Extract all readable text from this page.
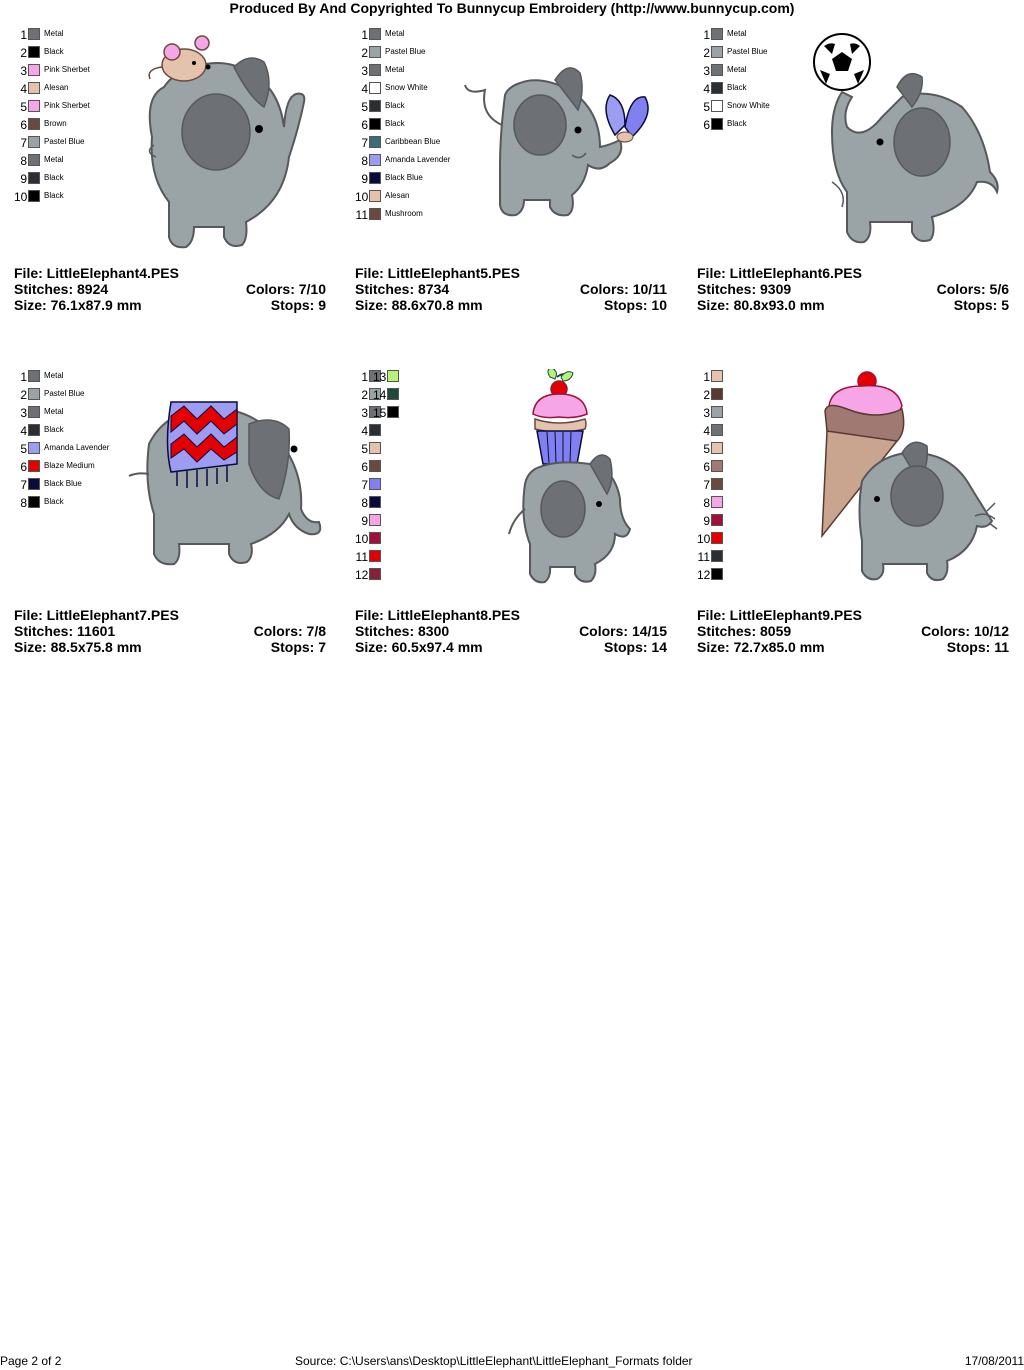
Produced By And Copyrighted To Bunnycup Embroidery (http://www.bunnycup.com)
1 Metal
2 Black
3 Pink Sherbet
4 Alesan
5 Pink Sherbet
6 Brown
7 Pastel Blue
8 Metal
9 Black
10 Black
File: LittleElephant4.PES
Stitches: 8924	Colors: 7/10
Size: 76.1x87.9 mm	Stops: 9
1 Metal
2 Pastel Blue
3 Metal
4 Snow White
5 Black
6 Black
7 Caribbean Blue
8 Amanda Lavender
9 Black Blue
10 Alesan
11 Mushroom
File: LittleElephant5.PES
Stitches: 8734	Colors: 10/11
Size: 88.6x70.8 mm	Stops: 10
1 Metal
2 Pastel Blue
3 Metal
4 Black
5 Snow White
6 Black
File: LittleElephant6.PES
Stitches: 9309	Colors: 5/6
Size: 80.8x93.0 mm	Stops: 5
1 Metal
2 Pastel Blue
3 Metal
4 Black
5 Amanda Lavender
6 Blaze Medium
7 Black Blue
8 Black
File: LittleElephant7.PES
Stitches: 11601	Colors: 7/8
Size: 88.5x75.8 mm	Stops: 7
1
2
3
4
5
6
7
8
9
10
11
12
13
14
15
File: LittleElephant8.PES
Stitches: 8300	Colors: 14/15
Size: 60.5x97.4 mm	Stops: 14
1
2
3
4
5
6
7
8
9
10
11
12
File: LittleElephant9.PES
Stitches: 8059	Colors: 10/12
Size: 72.7x85.0 mm	Stops: 11
Page 2 of 2	Source: C:\Users\ans\Desktop\LittleElephant\LittleElephant_Formats folder	17/08/2011
